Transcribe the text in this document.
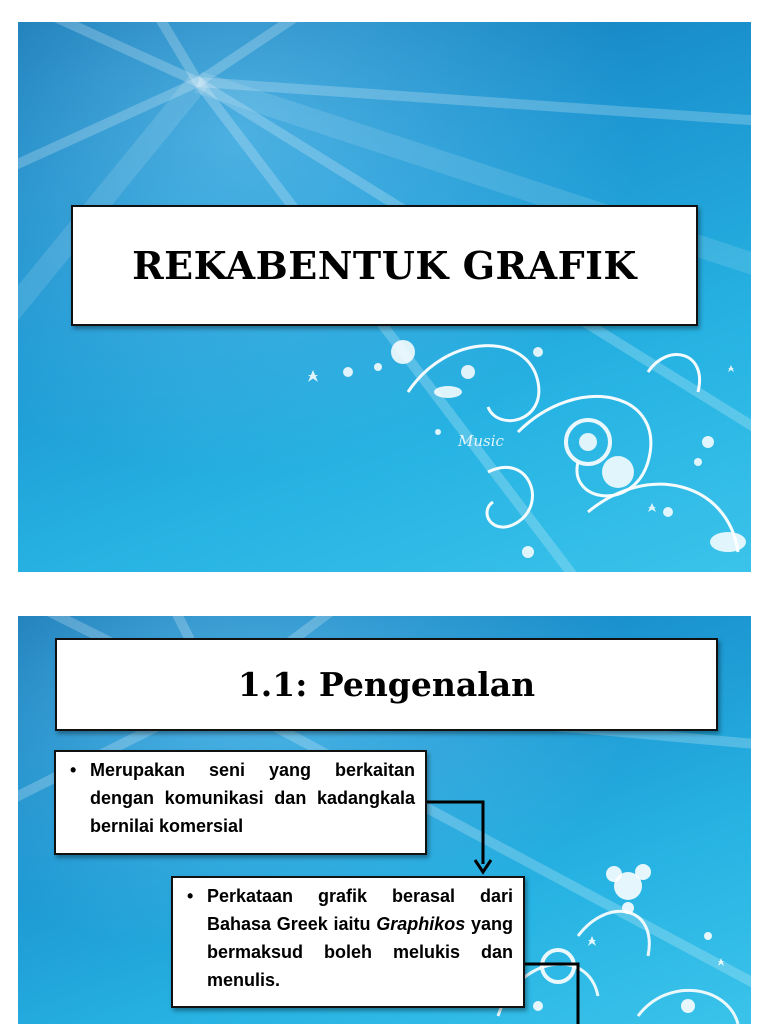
Music
REKABENTUK GRAFIK
1.1: Pengenalan
• Merupakan seni yang berkaitan dengan komunikasi dan kadangkala bernilai komersial
• Perkataan grafik berasal dari Bahasa Greek iaitu Graphikos yang bermaksud boleh melukis dan menulis.
